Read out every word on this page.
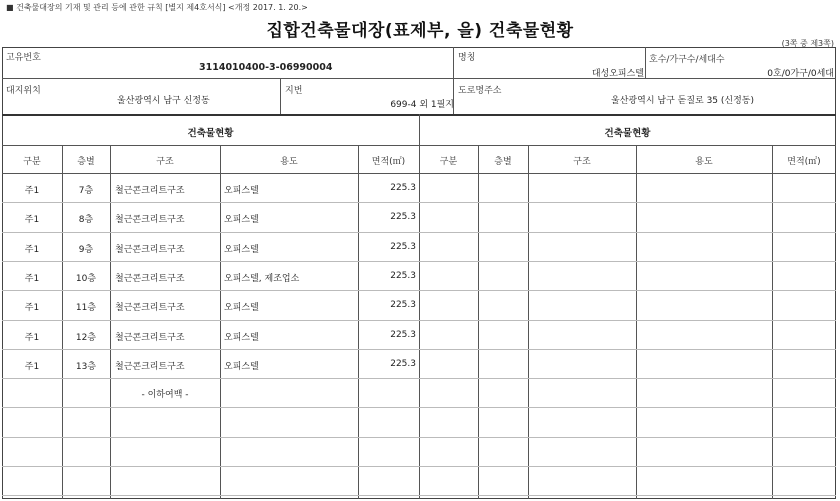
■ 건축물대장의 기재 및 관리 등에 관한 규칙 [별지 제4호서식] <개정 2017. 1. 20.>
집합건축물대장(표제부, 을) 건축물현황
(3쪽 중 제3쪽)
고유번호
3114010400-3-06990004
명칭
대성오피스텔
호수/가구수/세대수
0호/0가구/0세대
대지위치
울산광역시 남구 신정동
지번
699-4 외 1필지
도로명주소
울산광역시 남구 돋질로 35 (신정동)
건축물현황	건축물현황
구분	층별	구조	용도	면적(㎡)	구분	층별	구조	용도	면적(㎡)
주1	7층	철근콘크리트구조	오피스텔	225.3
주1	8층	철근콘크리트구조	오피스텔	225.3
주1	9층	철근콘크리트구조	오피스텔	225.3
주1	10층	철근콘크리트구조	오피스텔, 제조업소	225.3
주1	11층	철근콘크리트구조	오피스텔	225.3
주1	12층	철근콘크리트구조	오피스텔	225.3
주1	13층	철근콘크리트구조	오피스텔	225.3
- 이하여백 -
